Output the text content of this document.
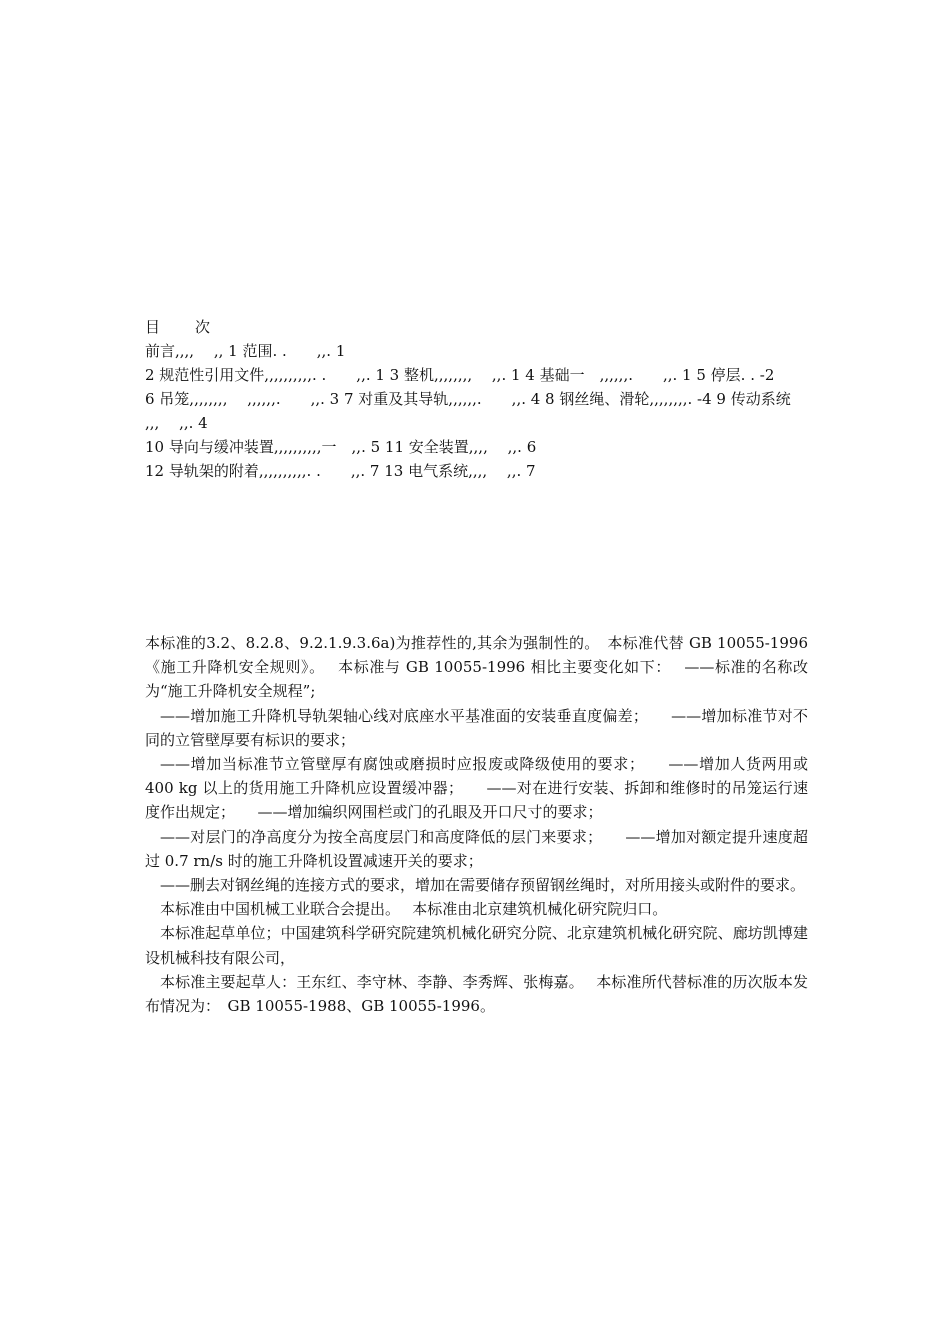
目　次
前言,,,,　 ,, 1 范围. .　　,,. 1
2 规范性引用文件,,,,,,,,,,. .　　,,. 1 3 整机,,,,,,,,　 ,,. 1 4 基础一　,,,,,,.　　,,. 1 5 停层. . -2
6 吊笼,,,,,,,,　 ,,,,,,.　　,,. 3 7 对重及其导轨,,,,,,.　　,,. 4 8 钢丝绳、滑轮,,,,,,,,. -4 9 传动系统
,,,　 ,,. 4
10 导向与缓冲装置,,,,,,,,,,一　,,. 5 11 安全装置,,,,　 ,,. 6
12 导轨架的附着,,,,,,,,,,. .　　,,. 7 13 电气系统,,,,　 ,,. 7

本标准的3.2、8.2.8、9.2.1.9.3.6a)为推荐性的,其余为强制性的。　本标准代替 GB 10055-1996《施工升降机安全规则》。　 本标准与 GB 10055-1996 相比主要变化如下：　 ——标准的名称改为“施工升降机安全规程”;

——增加施工升降机导轨架轴心线对底座水平基准面的安装垂直度偏差；　　——增加标准节对不同的立管壁厚要有标识的要求；

——增加当标准节立管壁厚有腐蚀或磨损时应报废或降级使用的要求；　　——增加人货两用或 400 kg 以上的货用施工升降机应设置缓冲器；　　——对在进行安装、拆卸和维修时的吊笼运行速度作出规定；　　——增加编织网围栏或门的孔眼及开口尺寸的要求；

——对层门的净高度分为按全高度层门和高度降低的层门来要求；　　——增加对额定提升速度超过 0.7 rn/s 时的施工升降机设置减速开关的要求；

——删去对钢丝绳的连接方式的要求，增加在需要储存预留钢丝绳时，对所用接头或附件的要求。

本标准由中国机械工业联合会提出。　 本标准由北京建筑机械化研究院归口。

本标准起草单位；中国建筑科学研究院建筑机械化研究分院、北京建筑机械化研究院、廊坊凯博建设机械科技有限公司，

本标准主要起草人：王东红、李守林、李静、李秀辉、张梅嘉。　 本标准所代替标准的历次版本发布情况为：　GB 10055-1988、GB 10055-1996。
